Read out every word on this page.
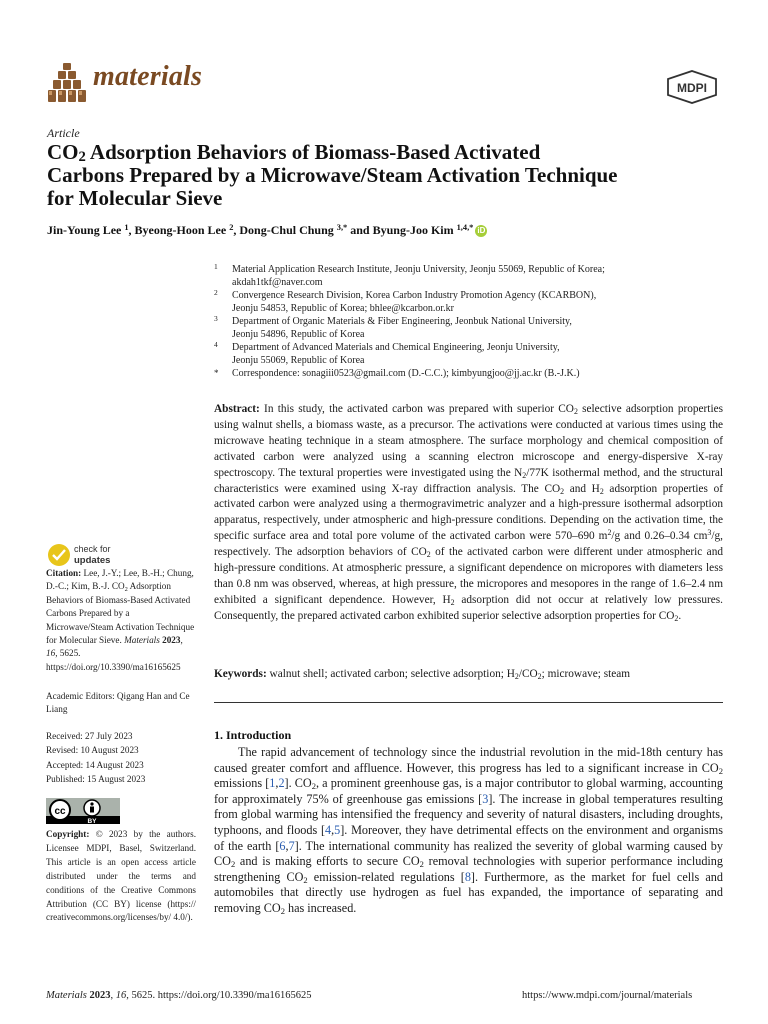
materials	MDPI
Article
$CO_2$ Adsorption Behaviors of Biomass-Based Activated
Carbons Prepared by a Microwave/Steam Activation Technique
for Molecular Sieve
Jin-Young Lee $^1$, Byeong-Hoon Lee $^2$, Dong-Chul Chung $^{3,*}$ and Byung-Joo Kim $^{1,4,*}$ iD
1 Material Application Research Institute, Jeonju University, Jeonju 55069, Republic of Korea;
akdah1tkf@naver.com
2 Convergence Research Division, Korea Carbon Industry Promotion Agency (KCARBON),
Jeonju 54853, Republic of Korea; bhlee@kcarbon.or.kr
3 Department of Organic Materials & Fiber Engineering, Jeonbuk National University,
Jeonju 54896, Republic of Korea
4 Department of Advanced Materials and Chemical Engineering, Jeonju University,
Jeonju 55069, Republic of Korea
* Correspondence: sonagiii0523@gmail.com (D.-C.C.); kimbyungjoo@jj.ac.kr (B.-J.K.)
Abstract: In this study, the activated carbon was prepared with superior $CO_2$ selective adsorption properties using walnut shells, a biomass waste, as a precursor. The activations were conducted at various times using the microwave heating technique in a steam atmosphere. The surface morphology and chemical composition of activated carbon were analyzed using a scanning electron microscope and energy-dispersive X-ray spectroscopy. The textural properties were investigated using the $N_2/77K$ isothermal method, and the structural characteristics were examined using X-ray diffraction analysis. The $CO_2$ and $H_2$ adsorption properties of activated carbon were analyzed using a thermogravimetric analyzer and a high-pressure isothermal adsorption apparatus, respectively, under atmospheric and high-pressure conditions. Depending on the activation time, the specific surface area and total pore volume of the activated carbon were 570–690 $m^2/g$ and 0.26–0.34 $cm^3/g$, respectively. The adsorption behaviors of $CO_2$ of the activated carbon were different under atmospheric and high-pressure conditions. At atmospheric pressure, a significant dependence on micropores with diameters less than 0.8 nm was observed, whereas, at high pressure, the micropores and mesopores in the range of 1.6–2.4 nm exhibited a significant dependence. However, $H_2$ adsorption did not occur at relatively low pressures. Consequently, the prepared activated carbon exhibited superior selective adsorption properties for $CO_2$.
Keywords: walnut shell; activated carbon; selective adsorption; $H_2/CO_2$; microwave; steam
1. Introduction
The rapid advancement of technology since the industrial revolution in the mid-18th century has caused greater comfort and affluence. However, this progress has led to a significant increase in $CO_2$ emissions [1,2]. $CO_2$, a prominent greenhouse gas, is a major contributor to global warming, accounting for approximately 75% of greenhouse gas emissions [3]. The increase in global temperatures resulting from global warming has intensified the frequency and severity of natural disasters, including droughts, typhoons, and floods [4,5]. Moreover, they have detrimental effects on the environment and organisms of the earth [6,7]. The international community has realized the severity of global warming caused by $CO_2$ and is making efforts to secure $CO_2$ removal technologies with superior performance including strengthening $CO_2$ emission-related regulations [8]. Furthermore, as the market for fuel cells and automobiles that directly use hydrogen as fuel has expanded, the importance of separating and removing $CO_2$ has increased.
check for
updates
Citation: Lee, J.-Y.; Lee, B.-H.; Chung, D.-C.; Kim, B.-J. $CO_2$ Adsorption Behaviors of Biomass-Based Activated Carbons Prepared by a Microwave/Steam Activation Technique for Molecular Sieve. Materials 2023, 16, 5625. https://doi.org/10.3390/ma16165625
Academic Editors: Qigang Han and Ce Liang
Received: 27 July 2023
Revised: 10 August 2023
Accepted: 14 August 2023
Published: 15 August 2023
cc
BY
Copyright: © 2023 by the authors. Licensee MDPI, Basel, Switzerland. This article is an open access article distributed under the terms and conditions of the Creative Commons Attribution (CC BY) license (https:// creativecommons.org/licenses/by/ 4.0/).
Materials 2023, 16, 5625. https://doi.org/10.3390/ma16165625	https://www.mdpi.com/journal/materials
